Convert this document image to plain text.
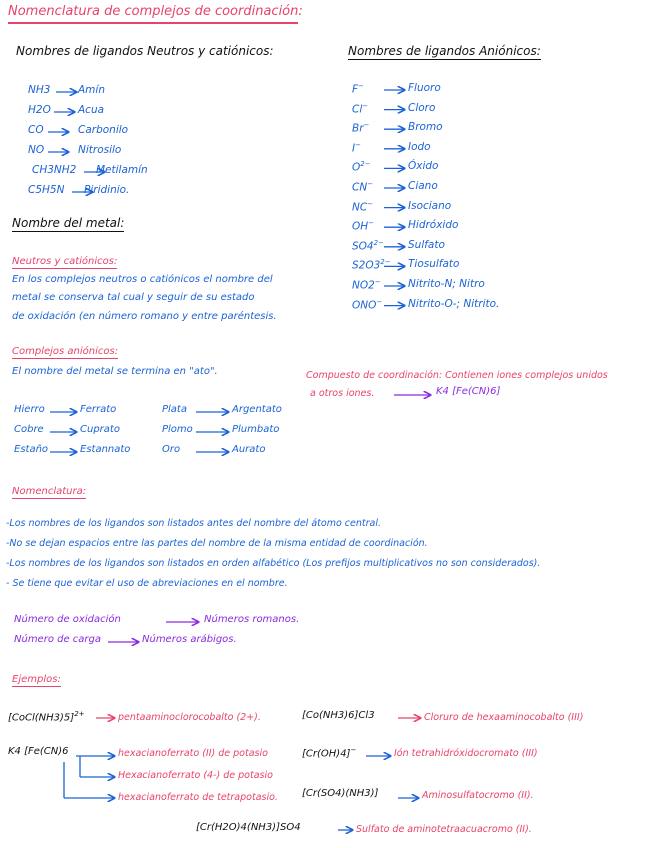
Nomenclatura de complejos de coordinación:
Nombres de ligandos Neutros y catiónicos:
NH3	Amín
H2O	Acua
CO	Carbonilo
NO	Nitrosilo
CH3NH2 Metilamín
C5H5N Piridinio.
Nombres de ligandos Aniónicos:
F−	Fluoro
Cl−	Cloro
Br−	Bromo
I−	Iodo
$O^{2-}$	Óxido
CN−	Ciano
NC−	Isociano
OH−	Hidróxido
$SO4^{2-}$ Sulfato
$S2O3^{2-}$ Tiosulfato
NO2−	Nitrito-N; Nitro
ONO− Nitrito-O-; Nitrito.
Nombre del metal:
Neutros y catiónicos:
En los complejos neutros o catiónicos el nombre del
metal se conserva tal cual y seguir de su estado
de oxidación (en número romano y entre paréntesis.
Complejos aniónicos:
El nombre del metal se termina en "ato".
Hierro	Ferrato
Cobre	Cuprato
Estaño	Estannato
Plata	Argentato
Plomo	Plumbato
Oro	Aurato
Compuesto de coordinación: Contienen iones complejos unidos
a otros iones.	K4 [Fe(CN)6]
Nomenclatura:
-Los nombres de los ligandos son listados antes del nombre del átomo central.
-No se dejan espacios entre las partes del nombre de la misma entidad de coordinación.
-Los nombres de los ligandos son listados en orden alfabético (Los prefijos multiplicativos no son considerados).
- Se tiene que evitar el uso de abreviaciones en el nombre.
Número de oxidación	Números romanos.
Número de carga	Números arábigos.
Ejemplos:
[CoCl(NH3)5]$^{2+}$	pentaaminoclorocobalto (2+).	[Co(NH3)6]Cl3	Cloruro de hexaaminocobalto (III)
K4 [Fe(CN)6	hexacianoferrato (II) de potasio
Hexacianoferrato (4-) de potasio
hexacianoferrato de tetrapotasio.
[Cr(OH)4]−	Ión tetrahidróxidocromato (III)
[Cr(SO4)(NH3)]	Aminosulfatocromo (II).
[Cr(H2O)4(NH3)]SO4	Sulfato de aminotetraacuacromo (II).
